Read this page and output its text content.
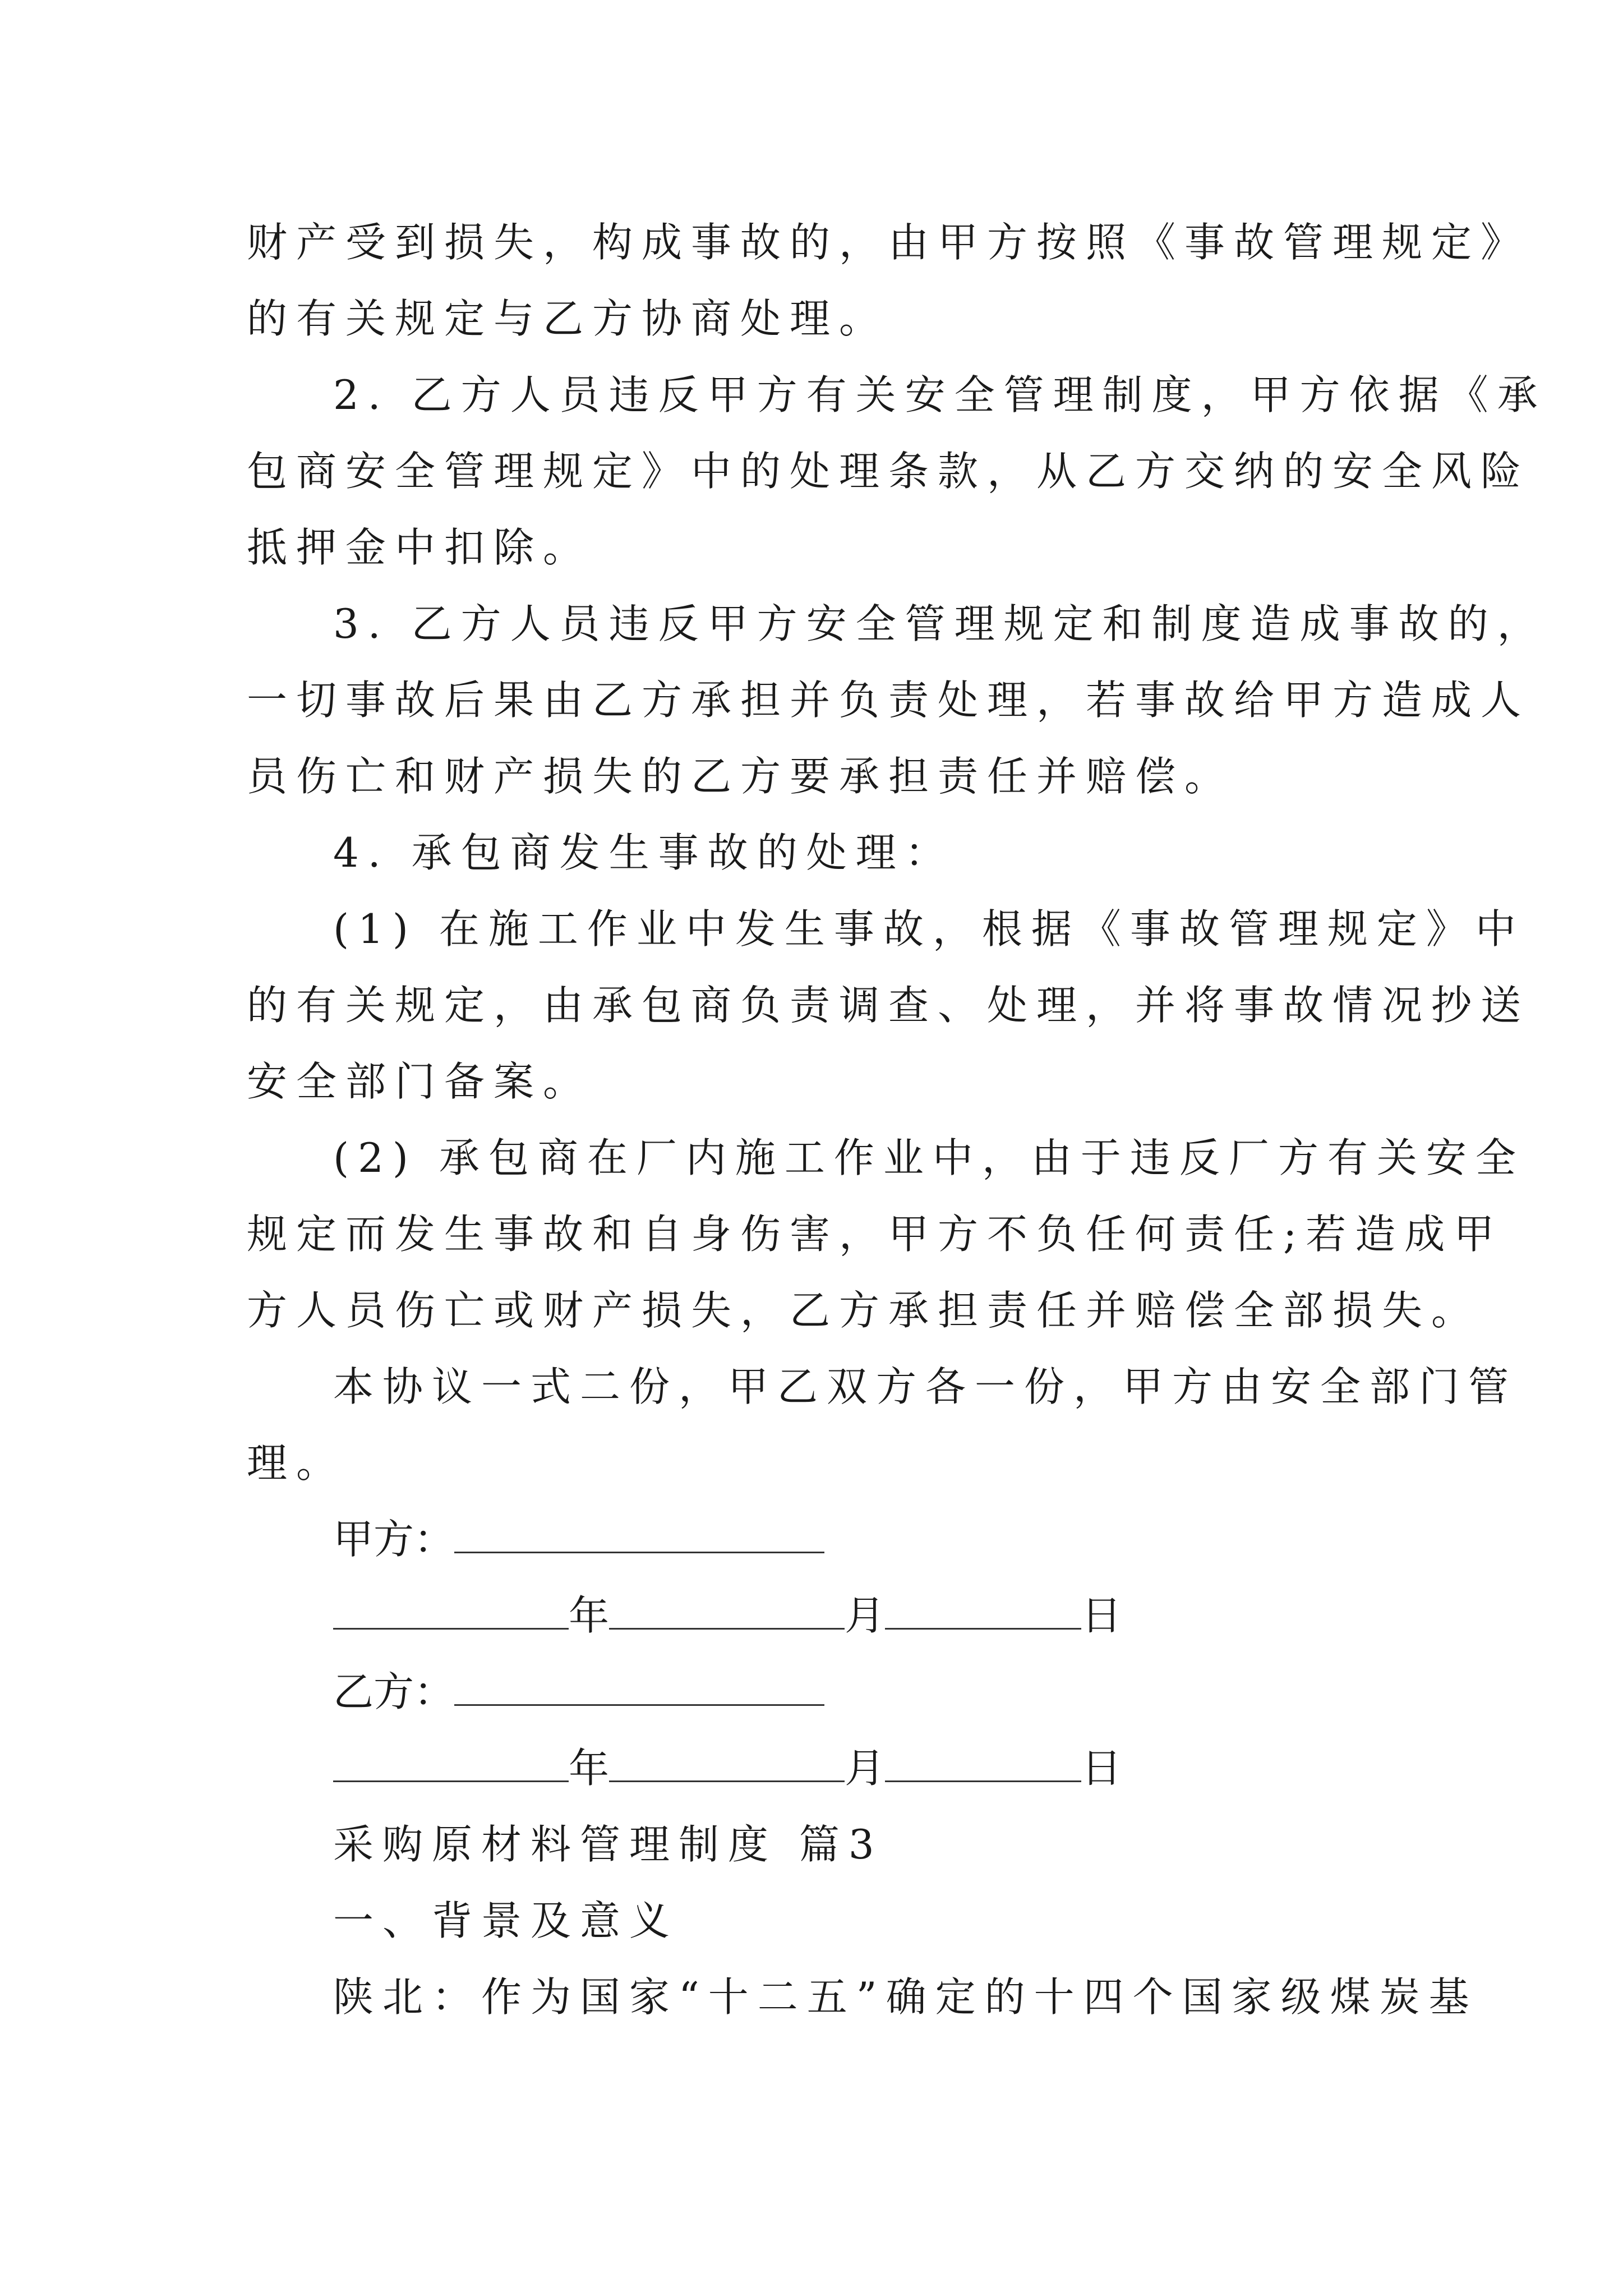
财产受到损失，构成事故的，由甲方按照《事故管理规定》
的有关规定与乙方协商处理。
2. 乙方人员违反甲方有关安全管理制度，甲方依据《承
包商安全管理规定》中的处理条款，从乙方交纳的安全风险
抵押金中扣除。
3. 乙方人员违反甲方安全管理规定和制度造成事故的，
一切事故后果由乙方承担并负责处理，若事故给甲方造成人
员伤亡和财产损失的乙方要承担责任并赔偿。
4. 承包商发生事故的处理：
(1) 在施工作业中发生事故，根据《事故管理规定》中
的有关规定，由承包商负责调查、处理，并将事故情况抄送
安全部门备案。
(2) 承包商在厂内施工作业中，由于违反厂方有关安全
规定而发生事故和自身伤害，甲方不负任何责任;若造成甲
方人员伤亡或财产损失，乙方承担责任并赔偿全部损失。
本协议一式二份，甲乙双方各一份，甲方由安全部门管
理。
甲方：
年	月	日
乙方：
年	月	日
采购原材料管理制度 篇3
一、背景及意义
陕北：作为国家“十二五”确定的十四个国家级煤炭基
